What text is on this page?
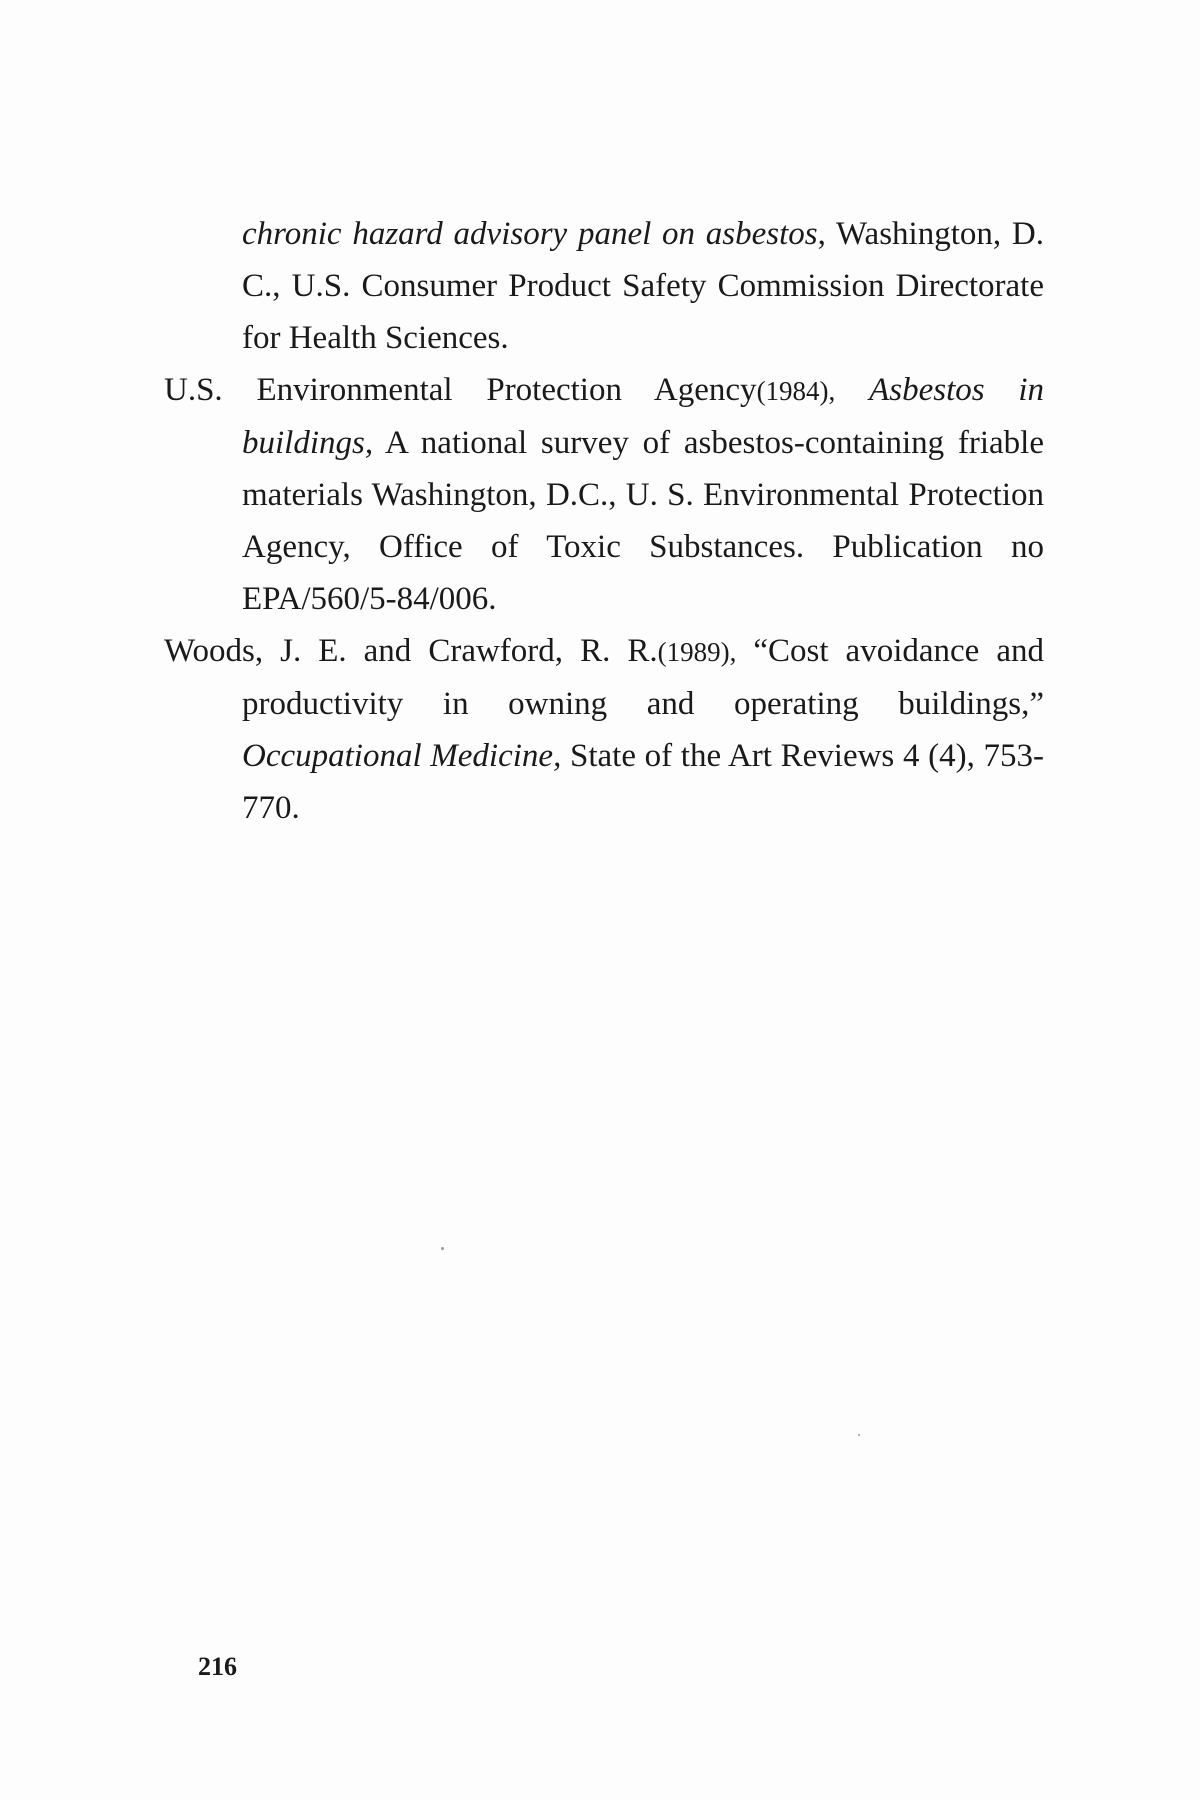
chronic hazard advisory panel on asbestos, Washington, D. C., U.S. Consumer Product Safety Commission Directorate for Health Sciences.

U.S. Environmental Protection Agency(1984), Asbestos in buildings, A national survey of asbestos-containing friable materials Washington, D.C., U. S. Environmental Protection Agency, Office of Toxic Substances. Publication no EPA/560/5-84/006.

Woods, J. E. and Crawford, R. R.(1989), “Cost avoidance and productivity in owning and operating buildings,” Occupational Medicine, State of the Art Reviews 4 (4), 753-770.

216
